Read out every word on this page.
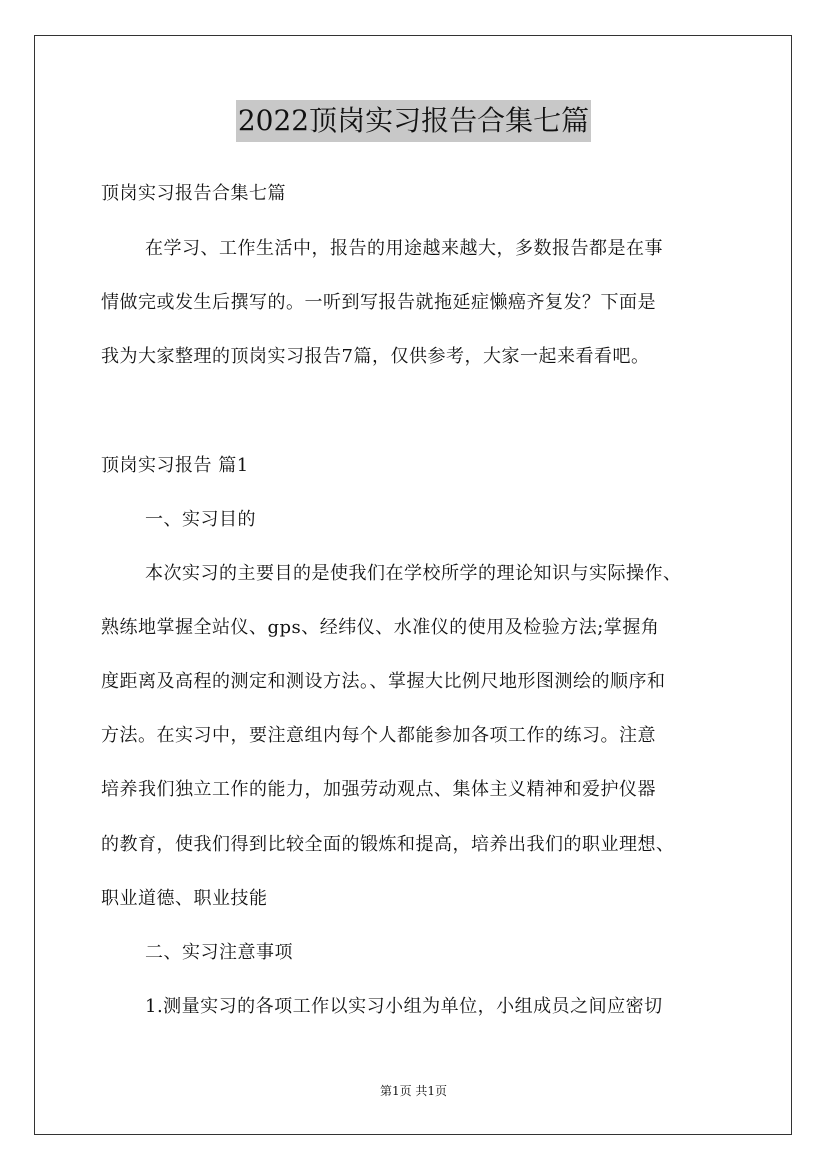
2022顶岗实习报告合集七篇
顶岗实习报告合集七篇
在学习、工作生活中，报告的用途越来越大，多数报告都是在事
情做完或发生后撰写的。一听到写报告就拖延症懒癌齐复发？下面是
我为大家整理的顶岗实习报告7篇，仅供参考，大家一起来看看吧。
顶岗实习报告 篇1
一、实习目的
本次实习的主要目的是使我们在学校所学的理论知识与实际操作、
熟练地掌握全站仪、gps、经纬仪、水准仪的使用及检验方法;掌握角
度距离及高程的测定和测设方法。、掌握大比例尺地形图测绘的顺序和
方法。在实习中，要注意组内每个人都能参加各项工作的练习。注意
培养我们独立工作的能力，加强劳动观点、集体主义精神和爱护仪器
的教育，使我们得到比较全面的锻炼和提高，培养出我们的职业理想、
职业道德、职业技能
二、实习注意事项
1.测量实习的各项工作以实习小组为单位，小组成员之间应密切
第1页 共1页
